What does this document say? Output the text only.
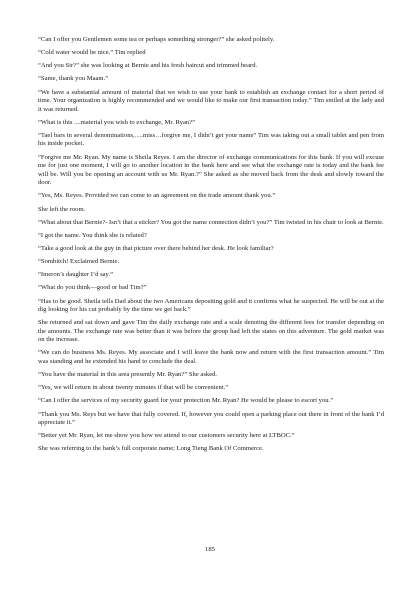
“Can I offer you Gentlemen some tea or perhaps something stronger?” she asked politely.

“Cold water would be nice.” Tim replied

“And you Sir?” she was looking at Bernie and his fresh haircut and trimmed beard.

“Same, thank you Maam.”

“We have a substantial amount of material that we wish to use your bank to establish an exchange contact for a short period of time. Your organization is highly recommended and we would like to make our first transaction today.” Tim smiled at the lady and it was returned.

“What is this ....material you wish to exchange, Mr. Ryan?”

“Tael bars in several denominations,….miss…forgive me, I didn’t get your name” Tim was taking out a small tablet and pen from his inside pocket.

“Forgive me Mr. Ryan. My name is Sheila Reyes. I am the director of exchange communications for this bank. If you will excuse me for just one moment, I will go to another location in the bank here and see what the exchange rate is today and the bank fee will be. Will you be opening an account with us Mr. Ryan.?” She asked as she moved back from the desk and slowly toward the door.

“Yes, Ms. Reyes. Provided we can come to an agreement on the trade amount thank you.”

She left the room.

“What about that Bernie?- Isn’t that a sticker? You got the name connection didn’t you?” Tim twisted in his chair to look at Bernie.

“I got the name. You think she is related?

“Take a good look at the guy in that picture over there behind her desk. He look familiar?

“Sombitch! Exclaimed Bernie.

“Imeron’s daughter I’d say.”

“What do you think—good or bad Tim?”

“Has to be good. Sheila tells Dad about the two Americans depositing gold and it confirms what he suspected. He will be out at the dig looking for his cut probably by the time we get back.”

She returned and sat down and gave Tim the daily exchange rate and a scale denoting the different fees for transfer depending on the amounts. The exchange rate was better than it was before the group had left the states on this adventure. The gold market was on the increase.

“We can do business Ms. Reyes. My associate and I will leave the bank now and return with the first transaction amount.” Tim was standing and he extended his hand to conclude the deal.

“You have the material in this area presently Mr. Ryan?” She asked.

“Yes, we will return in about twenty minutes if that will be convenient.”

“Can I offer the services of my security guard for your protection Mr. Ryan? He would be please to escort you.”

“Thank you Ms. Reys but we have that fully covered. If, however you could open a parking place out there in front of the bank I’d appreciate it.”

“Better yet Mr. Ryan, let me show you how we attend to our customers security here at LTBOC.”

She was referring to the bank’s full corporate name; Long Tieng Bank Of Commerce.

185
